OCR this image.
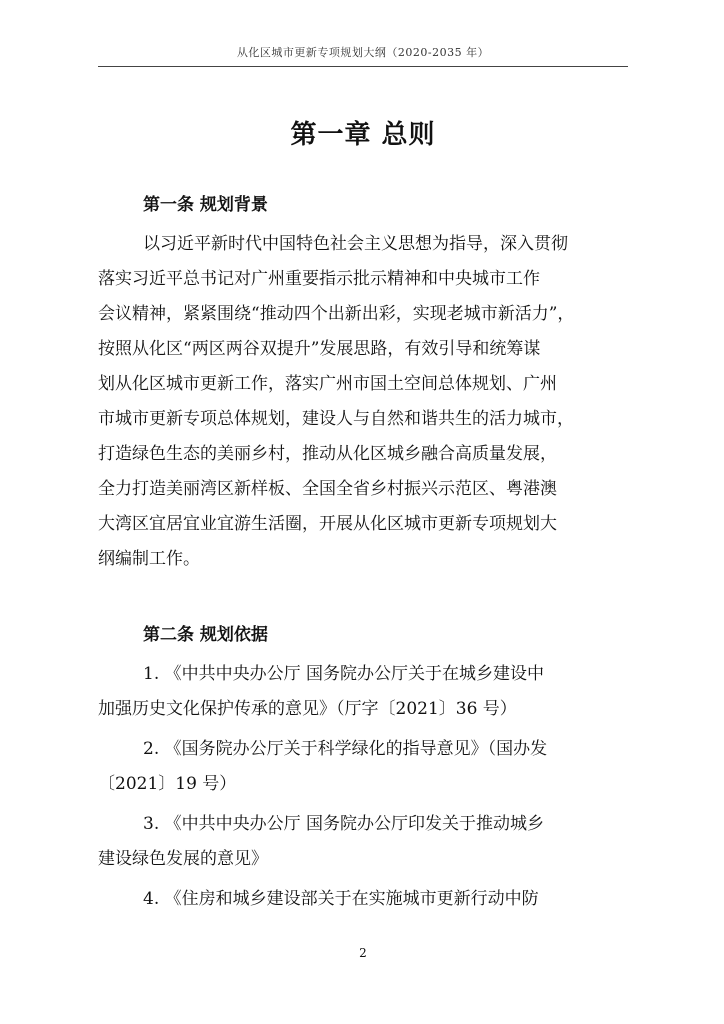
从化区城市更新专项规划大纲（2020-2035 年）
第一章 总则
第一条 规划背景

以习近平新时代中国特色社会主义思想为指导，深入贯彻

落实习近平总书记对广州重要指示批示精神和中央城市工作

会议精神，紧紧围绕“推动四个出新出彩，实现老城市新活力”，

按照从化区“两区两谷双提升”发展思路，有效引导和统筹谋

划从化区城市更新工作，落实广州市国土空间总体规划、广州

市城市更新专项总体规划，建设人与自然和谐共生的活力城市，

打造绿色生态的美丽乡村，推动从化区城乡融合高质量发展，

全力打造美丽湾区新样板、全国全省乡村振兴示范区、粤港澳

大湾区宜居宜业宜游生活圈，开展从化区城市更新专项规划大

纲编制工作。

第二条 规划依据

1. 《中共中央办公厅 国务院办公厅关于在城乡建设中

加强历史文化保护传承的意见》（厅字〔2021〕36 号）

2. 《国务院办公厅关于科学绿化的指导意见》（国办发

〔2021〕19 号）

3. 《中共中央办公厅 国务院办公厅印发关于推动城乡

建设绿色发展的意见》

4. 《住房和城乡建设部关于在实施城市更新行动中防

2
